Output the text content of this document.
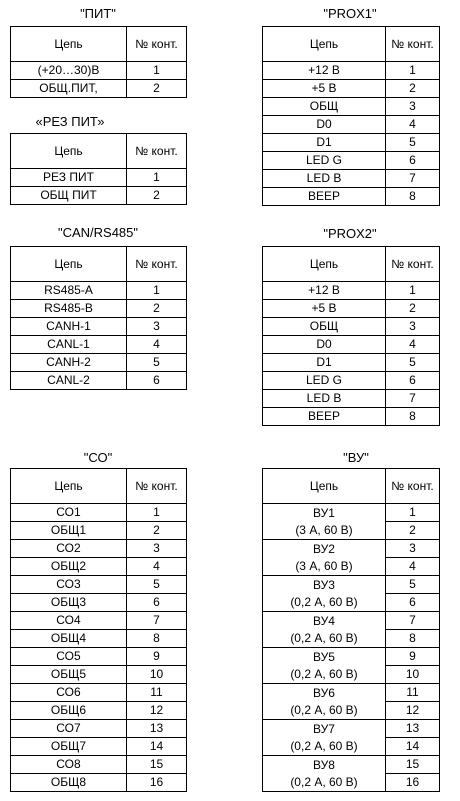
"ПИТ"
Цепь	№ конт.
(+20…30)В	1
ОБЩ.ПИТ,	2
«РЕЗ ПИТ»
Цепь	№ конт.
РЕЗ ПИТ	1
ОБЩ ПИТ	2
"CAN/RS485"
Цепь	№ конт.
RS485-A	1
RS485-B	2
CANH-1	3
CANL-1	4
CANH-2	5
CANL-2	6
"СО"
Цепь	№ конт.
СО1	1
ОБЩ1	2
СО2	3
ОБЩ2	4
СО3	5
ОБЩ3	6
СО4	7
ОБЩ4	8
СО5	9
ОБЩ5	10
СО6	11
ОБЩ6	12
СО7	13
ОБЩ7	14
СО8	15
ОБЩ8	16
"PROX1"
Цепь	№ конт.
+12 В	1
+5 В	2
ОБЩ	3
D0	4
D1	5
LED G	6
LED B	7
BEEP	8
"PROX2"
Цепь	№ конт.
+12 В	1
+5 В	2
ОБЩ	3
D0	4
D1	5
LED G	6
LED B	7
BEEP	8
"ВУ"
Цепь	№ конт.
ВУ1
(3 А, 60 В)	1
	2
ВУ2
(3 А, 60 В)	3
	4
ВУ3
(0,2 А, 60 В)	5
	6
ВУ4
(0,2 А, 60 В)	7
	8
ВУ5
(0,2 А, 60 В)	9
	10
ВУ6
(0,2 А, 60 В)	11
	12
ВУ7
(0,2 А, 60 В)	13
	14
ВУ8
(0,2 А, 60 В)	15
	16
